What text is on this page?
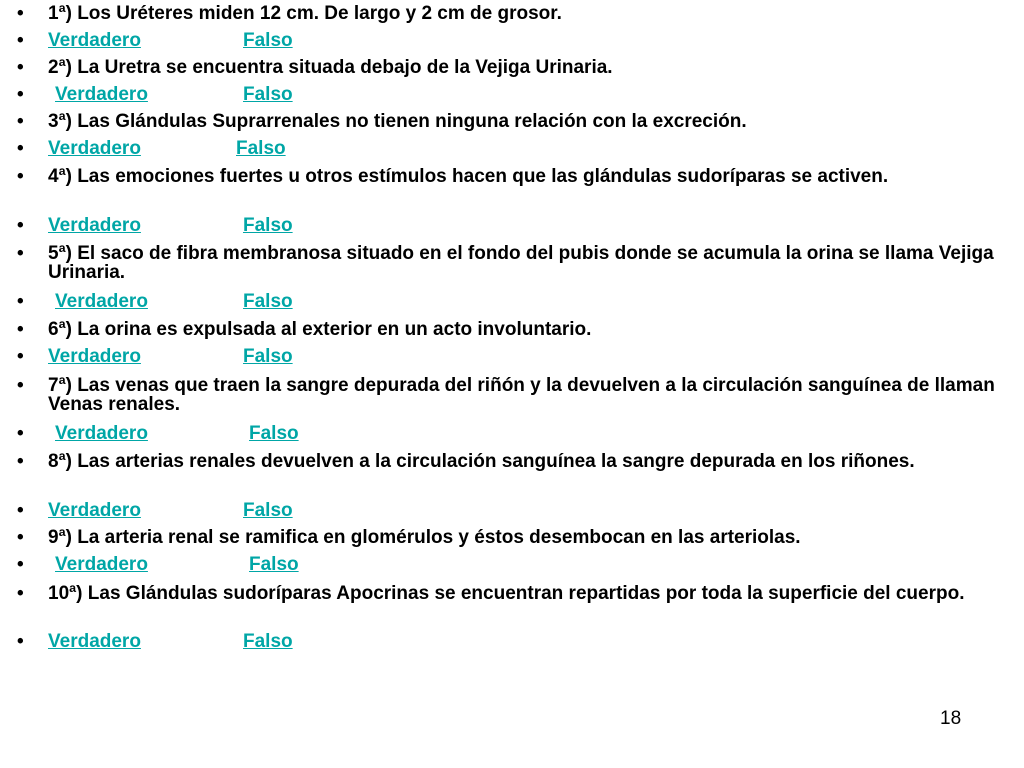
• 1ª) Los Uréteres miden 12 cm. De largo y 2 cm de grosor.
• Verdadero	Falso
• 2ª) La Uretra se encuentra situada debajo de la Vejiga Urinaria.
• Verdadero	Falso
• 3ª) Las Glándulas Suprarrenales no tienen ninguna relación con la excreción.
• Verdadero	Falso
• 4ª) Las emociones fuertes u otros estímulos hacen que las glándulas sudoríparas se activen.
• Verdadero	Falso
• 5ª) El saco de fibra membranosa situado en el fondo del pubis donde se acumula la orina se llama Vejiga Urinaria.
• Verdadero	Falso
• 6ª) La orina es expulsada al exterior en un acto involuntario.
• Verdadero	Falso
• 7ª) Las venas que traen la sangre depurada del riñón y la devuelven a la circulación sanguínea de llaman Venas renales.
• Verdadero	Falso
• 8ª) Las arterias renales devuelven a la circulación sanguínea la sangre depurada en los riñones.
• Verdadero	Falso
• 9ª) La arteria renal se ramifica en glomérulos y éstos desembocan en las arteriolas.
• Verdadero	Falso
• 10ª) Las Glándulas sudoríparas Apocrinas se encuentran repartidas por toda la superficie del cuerpo.
• Verdadero	Falso
18
